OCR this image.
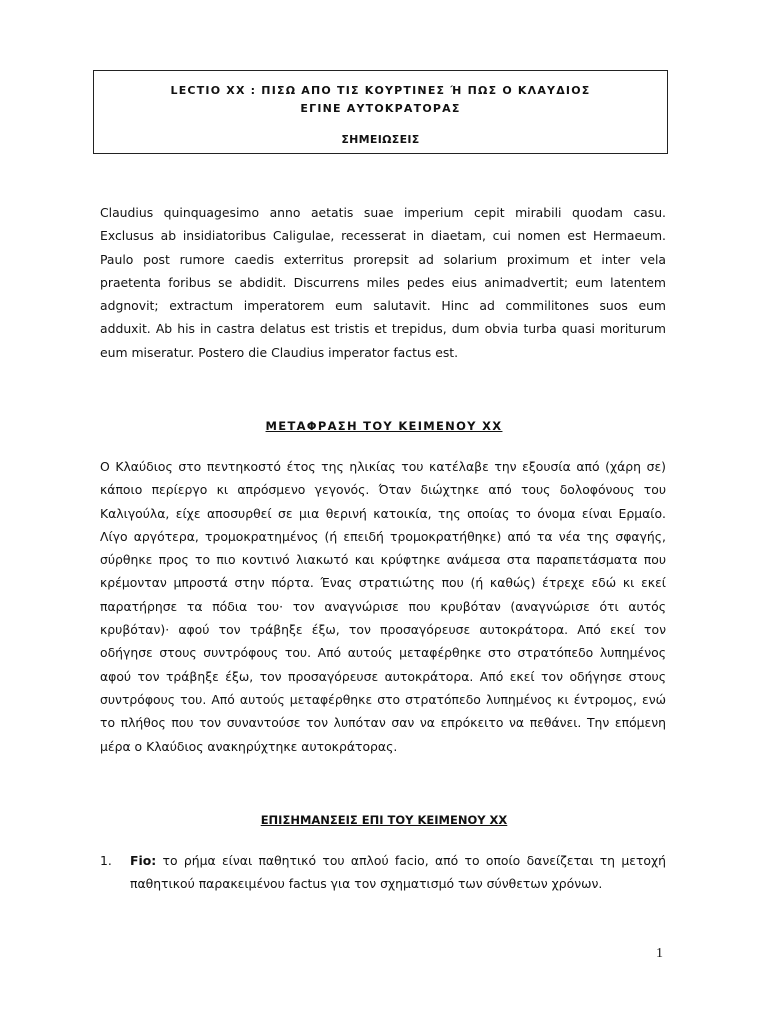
LECTIO XX : ΠΙΣΩ ΑΠΟ ΤΙΣ ΚΟΥΡΤΙΝΕΣ Ή ΠΩΣ Ο ΚΛΑΥΔΙΟΣ
ΕΓΙΝΕ ΑΥΤΟΚΡΑΤΟΡΑΣ
ΣΗΜΕΙΩΣΕΙΣ
Claudius quinquagesimo anno aetatis suae imperium cepit mirabili quodam casu.
Exclusus ab insidiatoribus Caligulae, recesserat in diaetam, cui nomen est Hermaeum.
Paulo post rumore caedis exterritus prorepsit ad solarium proximum et inter vela
praetenta foribus se abdidit. Discurrens miles pedes eius animadvertit; eum latentem
adgnovit; extractum imperatorem eum salutavit. Hinc ad commilitones suos eum
adduxit. Ab his in castra delatus est tristis et trepidus, dum obvia turba quasi moriturum
eum miseratur. Postero die Claudius imperator factus est.
ΜΕΤΑΦΡΑΣΗ ΤΟΥ ΚΕΙΜΕΝΟΥ XX
Ο Κλαύδιος στο πεντηκοστό έτος της ηλικίας του κατέλαβε την εξουσία από (χάρη σε)
κάποιο περίεργο κι απρόσμενο γεγονός. Όταν διώχτηκε από τους δολοφόνους του
Καλιγούλα, είχε αποσυρθεί σε μια θερινή κατοικία, της οποίας το όνομα είναι Ερμαίο.
Λίγο αργότερα, τρομοκρατημένος (ή επειδή τρομοκρατήθηκε) από τα νέα της σφαγής,
σύρθηκε προς το πιο κοντινό λιακωτό και κρύφτηκε ανάμεσα στα παραπετάσματα που
κρέμονταν μπροστά στην πόρτα. Ένας στρατιώτης που (ή καθώς) έτρεχε εδώ κι εκεί
παρατήρησε τα πόδια του· τον αναγνώρισε που κρυβόταν (αναγνώρισε ότι αυτός
κρυβόταν)· αφού τον τράβηξε έξω, τον προσαγόρευσε αυτοκράτορα. Από εκεί τον
οδήγησε στους συντρόφους του. Από αυτούς μεταφέρθηκε στο στρατόπεδο λυπημένος
αφού τον τράβηξε έξω, τον προσαγόρευσε αυτοκράτορα. Από εκεί τον οδήγησε στους
συντρόφους του. Από αυτούς μεταφέρθηκε στο στρατόπεδο λυπημένος κι έντρομος, ενώ
το πλήθος που τον συναντούσε τον λυπόταν σαν να επρόκειτο να πεθάνει. Την επόμενη
μέρα ο Κλαύδιος ανακηρύχτηκε αυτοκράτορας.
ΕΠΙΣΗΜΑΝΣΕΙΣ ΕΠΙ ΤΟΥ ΚΕΙΜΕΝΟΥ XX
1. Fio: το ρήμα είναι παθητικό του απλού facio, από το οποίο δανείζεται τη μετοχή
παθητικού παρακειμένου factus για τον σχηματισμό των σύνθετων χρόνων.
1
